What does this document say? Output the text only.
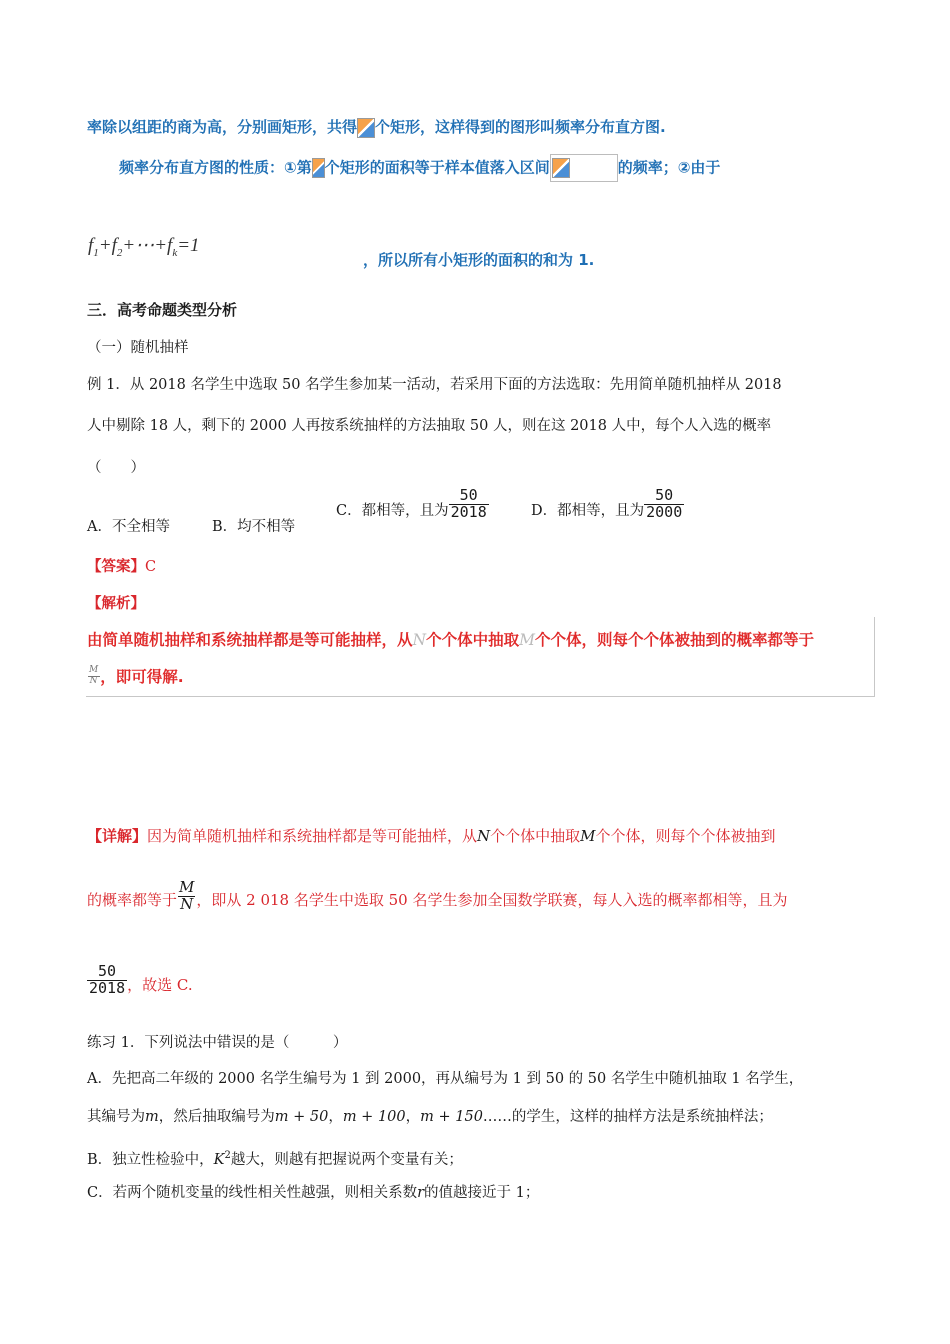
率除以组距的商为高，分别画矩形，共得 个矩形，这样得到的图形叫频率分布直方图.
频率分布直方图的性质：①第 个矩形的面积等于样本值落入区间	的频率；②由于
$f_1+f_2+\cdots+f_k=1$
，所以所有小矩形的面积的和为 1.
三．高考命题类型分析
（一）随机抽样
例 1．从 2018 名学生中选取 50 名学生参加某一活动，若采用下面的方法选取：先用简单随机抽样从 2018
人中剔除 18 人，剩下的 2000 人再按系统抽样的方法抽取 50 人，则在这 2018 人中，每个人入选的概率
（　　）
A．不全相等	B．均不相等
C．都相等，且为 $\frac{50}{2018}$	D．都相等，且为 $\frac{50}{2000}$
【答案】C
【解析】
由简单随机抽样和系统抽样都是等可能抽样，从N个个体中抽取M个个体，则每个个体被抽到的概率都等于
$\frac{M}{N}$ ，即可得解.
【详解】因为简单随机抽样和系统抽样都是等可能抽样，从N个个体中抽取M个个体，则每个个体被抽到
的概率都等于 $\frac{M}{N}$ ，即从 2 018 名学生中选取 50 名学生参加全国数学联赛，每人入选的概率都相等，且为
$\frac{50}{2018}$ ，故选 C.
练习 1．下列说法中错误的是（　　　）
A．先把高二年级的 2000 名学生编号为 1 到 2000，再从编号为 1 到 50 的 50 名学生中随机抽取 1 名学生，
其编号为m，然后抽取编号为m + 50，m + 100，m + 150……的学生，这样的抽样方法是系统抽样法；
B．独立性检验中，$K^2$越大，则越有把握说两个变量有关；
C．若两个随机变量的线性相关性越强，则相关系数r的值越接近于 1；
